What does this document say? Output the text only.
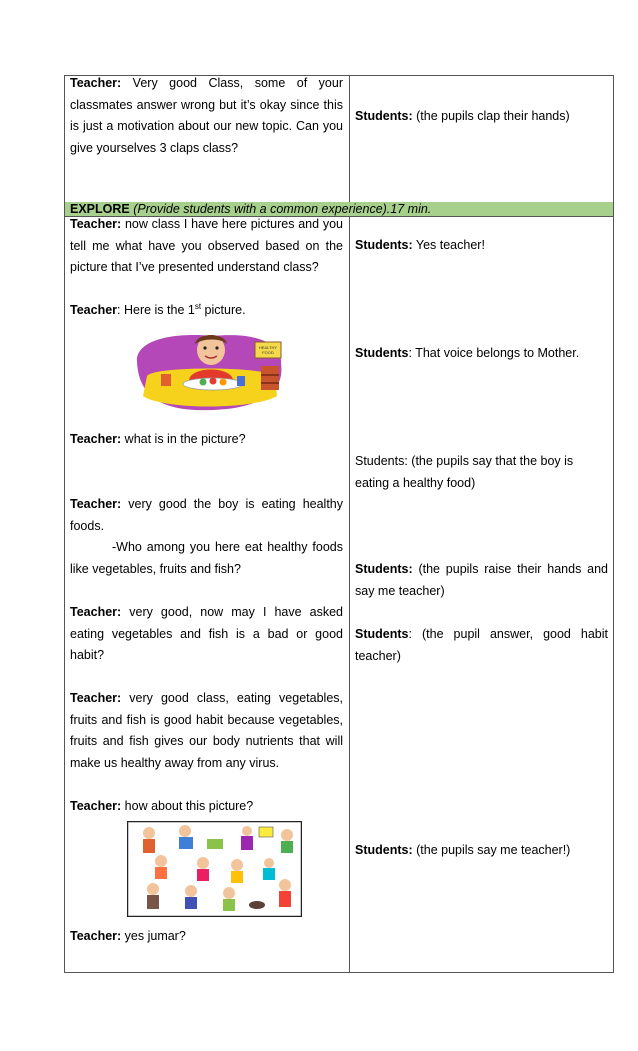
EXPLORE (Provide students with a common experience).17 min.
Teacher: Very good Class, some of your classmates answer wrong but it’s okay since this is just a motivation about our new topic. Can you give yourselves 3 claps class?
Students: (the pupils clap their hands)
Teacher: now class I have here pictures and you tell me what have you observed based on the picture that I’ve presented understand class?
Teacher: Here is the 1st picture.
HEALTHY
FOOD
Teacher: what is in the picture?
Teacher: very good the boy is eating healthy foods.
-Who among you here eat healthy foods like vegetables, fruits and fish?
Teacher: very good, now may I have asked eating vegetables and fish is a bad or good habit?
Teacher: very good class, eating vegetables, fruits and fish is good habit because vegetables, fruits and fish gives our body nutrients that will make us healthy away from any virus.
Teacher: how about this picture?
Teacher: yes jumar?
Students: Yes teacher!
Students: That voice belongs to Mother.
Students: (the pupils say that the boy is eating a healthy food)
Students: (the pupils raise their hands and say me teacher)
Students: (the pupil answer, good habit teacher)
Students: (the pupils say me teacher!)
